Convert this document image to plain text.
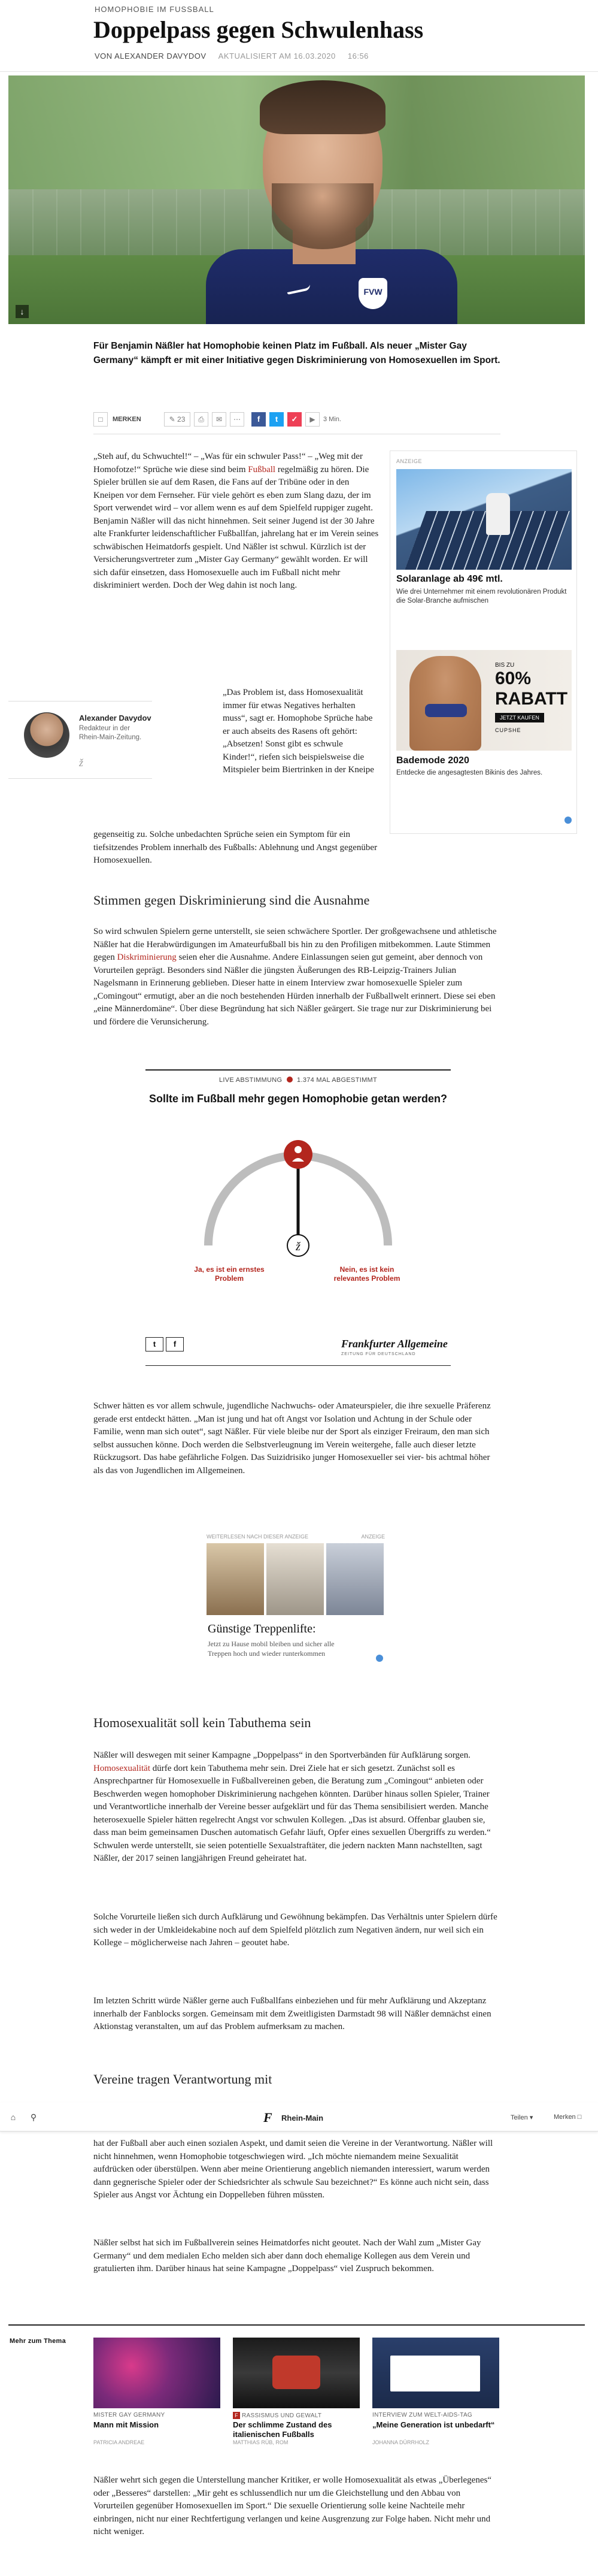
HOMOPHOBIE IM FUSSBALL
Doppelpass gegen Schwulenhass
VON ALEXANDER DAVYDOV AKTUALISIERT AM 16.03.2020 16:56
FVW
↓
Für Benjamin Näßler hat Homophobie keinen Platz im Fußball. Als neuer „Mister Gay Germany“ kämpft er mit einer Initiative gegen Diskriminierung von Homosexuellen im Sport.
□	MERKEN	✎ 23	⎙	✉	⋯	f	t	✓	▶	3 Min.
„Steh auf, du Schwuchtel!“ – „Was für ein schwuler Pass!“ – „Weg mit der Homofotze!“ Sprüche wie diese sind beim Fußball regelmäßig zu hören. Die Spieler brüllen sie auf dem Rasen, die Fans auf der Tribüne oder in den Kneipen vor dem Fernseher. Für viele gehört es eben zum Slang dazu, der im Sport verwendet wird – vor allem wenn es auf dem Spielfeld ruppiger zugeht. Benjamin Näßler will das nicht hinnehmen. Seit seiner Jugend ist der 30 Jahre alte Frankfurter leidenschaftlicher Fußballfan, jahrelang hat er im Verein seines schwäbischen Heimatdorfs gespielt. Und Näßler ist schwul. Kürzlich ist der Versicherungsvertreter zum „Mister Gay Germany“ gewählt worden. Er will sich dafür einsetzen, dass Homosexuelle auch im Fußball nicht mehr diskriminiert werden. Doch der Weg dahin ist noch lang.
ANZEIGE
Solaranlage ab 49€ mtl.
Wie drei Unternehmer mit einem revolutionären Produkt die Solar-Branche aufmischen
BIS ZU
60% RABATT
JETZT KAUFEN
CUPSHE
Bademode 2020
Entdecke die angesagtesten Bikinis des Jahres.
Alexander Davydov
Redakteur in der Rhein-Main-Zeitung.
ž
„Das Problem ist, dass Homosexualität immer für etwas Negatives herhalten muss“, sagt er. Homophobe Sprüche habe er auch abseits des Rasens oft gehört: „Absetzen! Sonst gibt es schwule Kinder!“, riefen sich beispielsweise die Mitspieler beim Biertrinken in der Kneipe
gegenseitig zu. Solche unbedachten Sprüche seien ein Symptom für ein tiefsitzendes Problem innerhalb des Fußballs: Ablehnung und Angst gegenüber Homosexuellen.
Stimmen gegen Diskriminierung sind die Ausnahme
So wird schwulen Spielern gerne unterstellt, sie seien schwächere Sportler. Der großgewachsene und athletische Näßler hat die Herabwürdigungen im Amateurfußball bis hin zu den Profiligen mitbekommen. Laute Stimmen gegen Diskriminierung seien eher die Ausnahme. Andere Einlassungen seien gut gemeint, aber dennoch von Vorurteilen geprägt. Besonders sind Näßler die jüngsten Äußerungen des RB-Leipzig-Trainers Julian Nagelsmann in Erinnerung geblieben. Dieser hatte in einem Interview zwar homosexuelle Spieler zum „Comingout“ ermutigt, aber an die noch bestehenden Hürden innerhalb der Fußballwelt erinnert. Diese sei eben „eine Männerdomäne“. Über diese Begründung hat sich Näßler geärgert. Sie trage nur zur Diskriminierung bei und fördere die Verunsicherung.
LIVE ABSTIMMUNG 1.374 MAL ABGESTIMMT
Sollte im Fußball mehr gegen Homophobie getan werden?
ž
Ja, es ist ein ernstes Problem
Nein, es ist kein relevantes Problem
t f	Frankfurter Allgemeine
ZEITUNG FÜR DEUTSCHLAND
Schwer hätten es vor allem schwule, jugendliche Nachwuchs- oder Amateurspieler, die ihre sexuelle Präferenz gerade erst entdeckt hätten. „Man ist jung und hat oft Angst vor Isolation und Achtung in der Schule oder Familie, wenn man sich outet“, sagt Näßler. Für viele bleibe nur der Sport als einziger Freiraum, den man sich selbst aussuchen könne. Doch werden die Selbstverleugnung im Verein weitergehe, falle auch dieser letzte Rückzugsort. Das habe gefährliche Folgen. Das Suizidrisiko junger Homosexueller sei vier- bis achtmal höher als das von Jugendlichen im Allgemeinen.
WEITERLESEN NACH DIESER ANZEIGE	ANZEIGE
Günstige Treppenlifte:
Jetzt zu Hause mobil bleiben und sicher alle Treppen hoch und wieder runterkommen
Homosexualität soll kein Tabuthema sein
Näßler will deswegen mit seiner Kampagne „Doppelpass“ in den Sportverbänden für Aufklärung sorgen. Homosexualität dürfe dort kein Tabuthema mehr sein. Drei Ziele hat er sich gesetzt. Zunächst soll es Ansprechpartner für Homosexuelle in Fußballvereinen geben, die Beratung zum „Comingout“ anbieten oder Beschwerden wegen homophober Diskriminierung nachgehen könnten. Darüber hinaus sollen Spieler, Trainer und Verantwortliche innerhalb der Vereine besser aufgeklärt und für das Thema sensibilisiert werden. Manche heterosexuelle Spieler hätten regelrecht Angst vor schwulen Kollegen. „Das ist absurd. Offenbar glauben sie, dass man beim gemeinsamen Duschen automatisch Gefahr läuft, Opfer eines sexuellen Übergriffs zu werden.“ Schwulen werde unterstellt, sie seien potentielle Sexualstraftäter, die jedern nackten Mann nachstellten, sagt Näßler, der 2017 seinen langjährigen Freund geheiratet hat.
Solche Vorurteile ließen sich durch Aufklärung und Gewöhnung bekämpfen. Das Verhältnis unter Spielern dürfe sich weder in der Umkleidekabine noch auf dem Spielfeld plötzlich zum Negativen ändern, nur weil sich ein Kollege – möglicherweise nach Jahren – geoutet habe.
Im letzten Schritt würde Näßler gerne auch Fußballfans einbeziehen und für mehr Aufklärung und Akzeptanz innerhalb der Fanblocks sorgen. Gemeinsam mit dem Zweitligisten Darmstadt 98 will Näßler demnächst einen Aktionstag veranstalten, um auf das Problem aufmerksam zu machen.
Vereine tragen Verantwortung mit
⌂ ⚲	F Rhein-Main	Teilen ▾	Merken □
hat der Fußball aber auch einen sozialen Aspekt, und damit seien die Vereine in der Verantwortung. Näßler will nicht hinnehmen, wenn Homophobie totgeschwiegen wird. „Ich möchte niemandem meine Sexualität aufdrücken oder überstülpen. Wenn aber meine Orientierung angeblich niemanden interessiert, warum werden dann gegnerische Spieler oder der Schiedsrichter als schwule Sau bezeichnet?“ Es könne auch nicht sein, dass Spieler aus Angst vor Ächtung ein Doppelleben führen müssten.
Näßler selbst hat sich im Fußballverein seines Heimatdorfes nicht geoutet. Nach der Wahl zum „Mister Gay Germany“ und dem medialen Echo melden sich aber dann doch ehemalige Kollegen aus dem Verein und gratulierten ihm. Darüber hinaus hat seine Kampagne „Doppelpass“ viel Zuspruch bekommen.
Mehr zum Thema
MISTER GAY GERMANY
Mann mit Mission
PATRICIA ANDREAE
F RASSISMUS UND GEWALT
Der schlimme Zustand des italienischen Fußballs
MATTHIAS RÜB, ROM
INTERVIEW ZUM WELT-AIDS-TAG
„Meine Generation ist unbedarft“
JOHANNA DÜRRHOLZ
Näßler wehrt sich gegen die Unterstellung mancher Kritiker, er wolle Homosexualität als etwas „Überlegenes“ oder „Besseres“ darstellen: „Mir geht es schlussendlich nur um die Gleichstellung und den Abbau von Vorurteilen gegenüber Homosexuellen im Sport.“ Die sexuelle Orientierung solle keine Nachteile mehr einbringen, nicht nur einer Rechtfertigung verlangen und keine Ausgrenzung zur Folge haben. Nicht mehr und nicht weniger.
